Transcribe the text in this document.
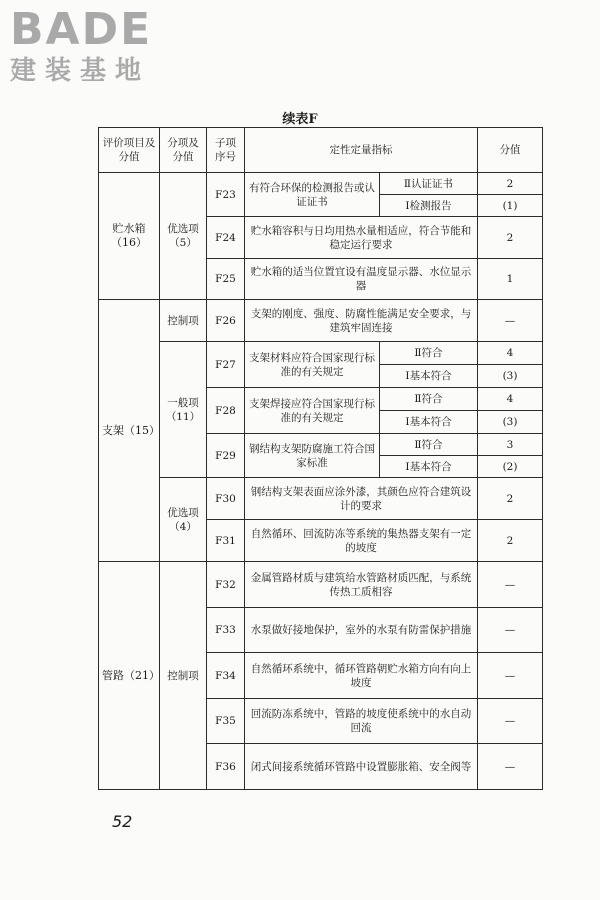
BADE
建装基地
续表F
评价项目及分值	分项及分值	子项序号	定性定量指标		分值
贮水箱（16）	优选项（5）	F23	有符合环保的检测报告或认证证书	Ⅱ认证证书	2
				Ⅰ检测报告	(1)
		F24	贮水箱容积与日均用热水量相适应，符合节能和稳定运行要求		2
		F25	贮水箱的适当位置宜设有温度显示器、水位显示器		1
支架（15）	控制项	F26	支架的刚度、强度、防腐性能满足安全要求，与建筑牢固连接		—
	一般项（11）	F27	支架材料应符合国家现行标准的有关规定	Ⅱ符合	4
				Ⅰ基本符合	(3)
		F28	支架焊接应符合国家现行标准的有关规定	Ⅱ符合	4
				Ⅰ基本符合	(3)
		F29	钢结构支架防腐施工符合国家标准	Ⅱ符合	3
				Ⅰ基本符合	(2)
	优选项（4）	F30	钢结构支架表面应涂外漆，其颜色应符合建筑设计的要求		2
		F31	自然循环、回流防冻等系统的集热器支架有一定的坡度		2
管路（21）	控制项	F32	金属管路材质与建筑给水管路材质匹配，与系统传热工质相容		—
		F33	水泵做好接地保护，室外的水泵有防雷保护措施		—
		F34	自然循环系统中，循环管路朝贮水箱方向有向上坡度		—
		F35	回流防冻系统中，管路的坡度使系统中的水自动回流		—
		F36	闭式间接系统循环管路中设置膨胀箱、安全阀等		—
52
